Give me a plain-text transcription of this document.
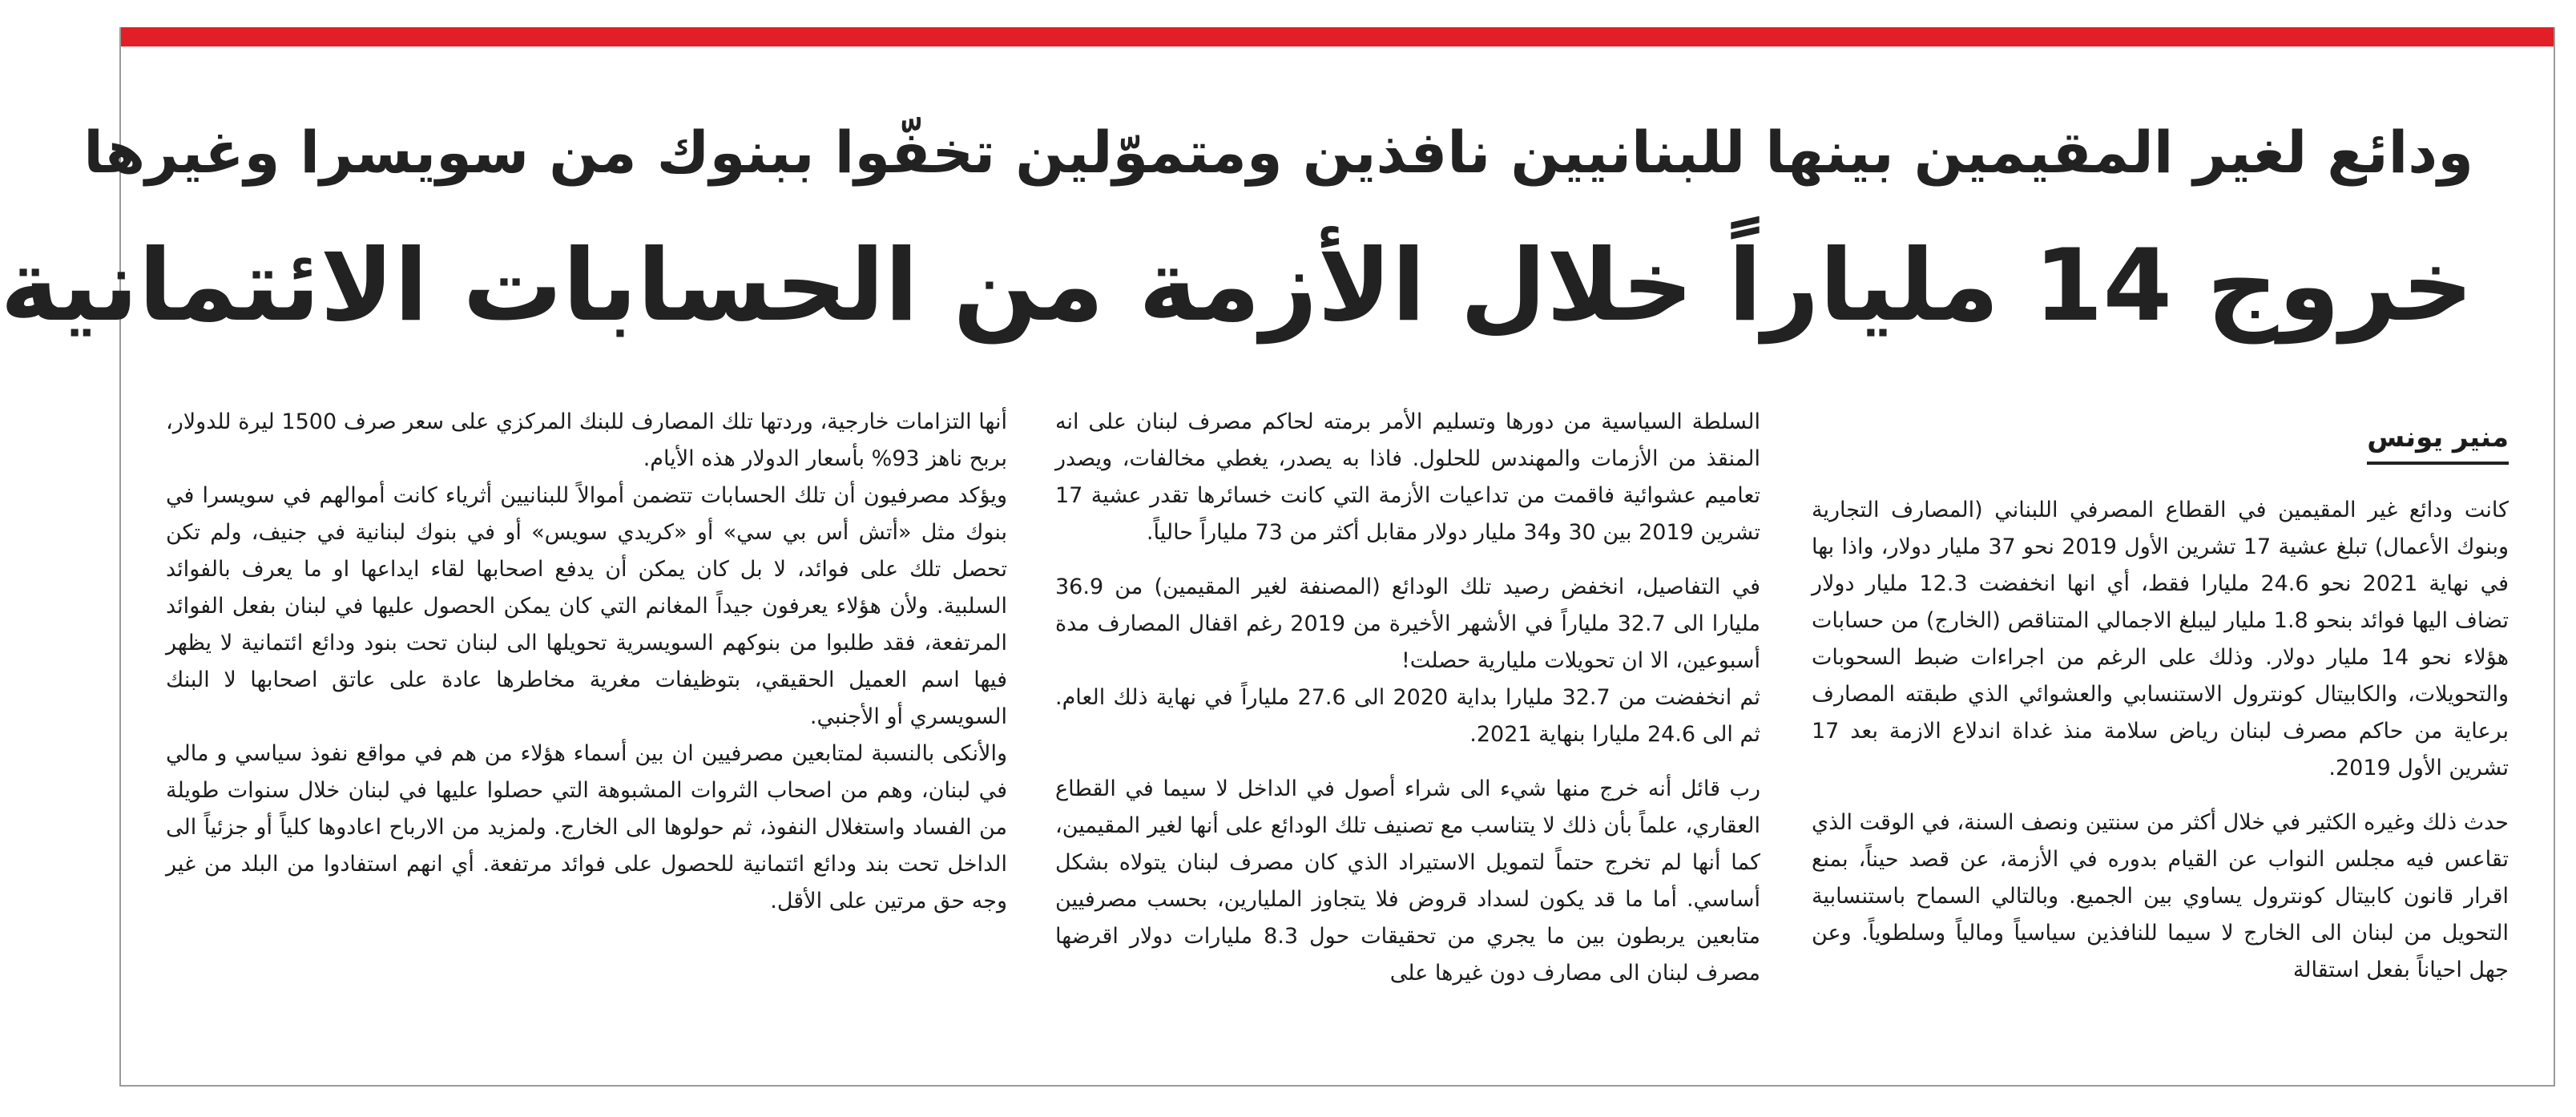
ودائع لغير المقيمين بينها للبنانيين نافذين ومتموّلين تخفّوا ببنوك من سويسرا وغيرها
خروج 14 ملياراً خلال الأزمة من الحسابات الائتمانية
منير يونس

كانت ودائع غير المقيمين في القطاع المصرفي اللبناني (المصارف التجارية وبنوك الأعمال) تبلغ عشية 17 تشرين الأول 2019 نحو 37 مليار دولار، واذا بها في نهاية 2021 نحو 24.6 مليارا فقط، أي انها انخفضت 12.3 مليار دولار تضاف اليها فوائد بنحو 1.8 مليار ليبلغ الاجمالي المتناقص (الخارج) من حسابات هؤلاء نحو 14 مليار دولار. وذلك على الرغم من اجراءات ضبط السحوبات والتحويلات، والكابيتال كونترول الاستنسابي والعشوائي الذي طبقته المصارف برعاية من حاكم مصرف لبنان رياض سلامة منذ غداة اندلاع الازمة بعد 17 تشرين الأول 2019.

حدث ذلك وغيره الكثير في خلال أكثر من سنتين ونصف السنة، في الوقت الذي تقاعس فيه مجلس النواب عن القيام بدوره في الأزمة، عن قصد حيناً، بمنع اقرار قانون كابيتال كونترول يساوي بين الجميع. وبالتالي السماح باستنسابية التحويل من لبنان الى الخارج لا سيما للنافذين سياسياً ومالياً وسلطوياً. وعن جهل احياناً بفعل استقالة

السلطة السياسية من دورها وتسليم الأمر برمته لحاكم مصرف لبنان على انه المنقذ من الأزمات والمهندس للحلول. فاذا به يصدر، يغطي مخالفات، ويصدر تعاميم عشوائية فاقمت من تداعيات الأزمة التي كانت خسائرها تقدر عشية 17 تشرين 2019 بين 30 و34 مليار دولار مقابل أكثر من 73 ملياراً حالياً.

في التفاصيل، انخفض رصيد تلك الودائع (المصنفة لغير المقيمين) من 36.9 مليارا الى 32.7 ملياراً في الأشهر الأخيرة من 2019 رغم اقفال المصارف مدة أسبوعين، الا ان تحويلات مليارية حصلت!

ثم انخفضت من 32.7 مليارا بداية 2020 الى 27.6 ملياراً في نهاية ذلك العام. ثم الى 24.6 مليارا بنهاية 2021.

رب قائل أنه خرج منها شيء الى شراء أصول في الداخل لا سيما في القطاع العقاري، علماً بأن ذلك لا يتناسب مع تصنيف تلك الودائع على أنها لغير المقيمين، كما أنها لم تخرج حتماً لتمويل الاستيراد الذي كان مصرف لبنان يتولاه بشكل أساسي. أما ما قد يكون لسداد قروض فلا يتجاوز المليارين، بحسب مصرفيين متابعين يربطون بين ما يجري من تحقيقات حول 8.3 مليارات دولار اقرضها مصرف لبنان الى مصارف دون غيرها على

أنها التزامات خارجية، وردتها تلك المصارف للبنك المركزي على سعر صرف 1500 ليرة للدولار، بربح ناهز 93% بأسعار الدولار هذه الأيام.

ويؤكد مصرفيون أن تلك الحسابات تتضمن أموالاً للبنانيين أثرياء كانت أموالهم في سويسرا في بنوك مثل «أتش أس بي سي» أو «كريدي سويس» أو في بنوك لبنانية في جنيف، ولم تكن تحصل تلك على فوائد، لا بل كان يمكن أن يدفع اصحابها لقاء ايداعها او ما يعرف بالفوائد السلبية. ولأن هؤلاء يعرفون جيداً المغانم التي كان يمكن الحصول عليها في لبنان بفعل الفوائد المرتفعة، فقد طلبوا من بنوكهم السويسرية تحويلها الى لبنان تحت بنود ودائع ائتمانية لا يظهر فيها اسم العميل الحقيقي، بتوظيفات مغرية مخاطرها عادة على عاتق اصحابها لا البنك السويسري أو الأجنبي.

والأنكى بالنسبة لمتابعين مصرفيين ان بين أسماء هؤلاء من هم في مواقع نفوذ سياسي و مالي في لبنان، وهم من اصحاب الثروات المشبوهة التي حصلوا عليها في لبنان خلال سنوات طويلة من الفساد واستغلال النفوذ، ثم حولوها الى الخارج. ولمزيد من الارباح اعادوها كلياً أو جزئياً الى الداخل تحت بند ودائع ائتمانية للحصول على فوائد مرتفعة. أي انهم استفادوا من البلد من غير وجه حق مرتين على الأقل.
